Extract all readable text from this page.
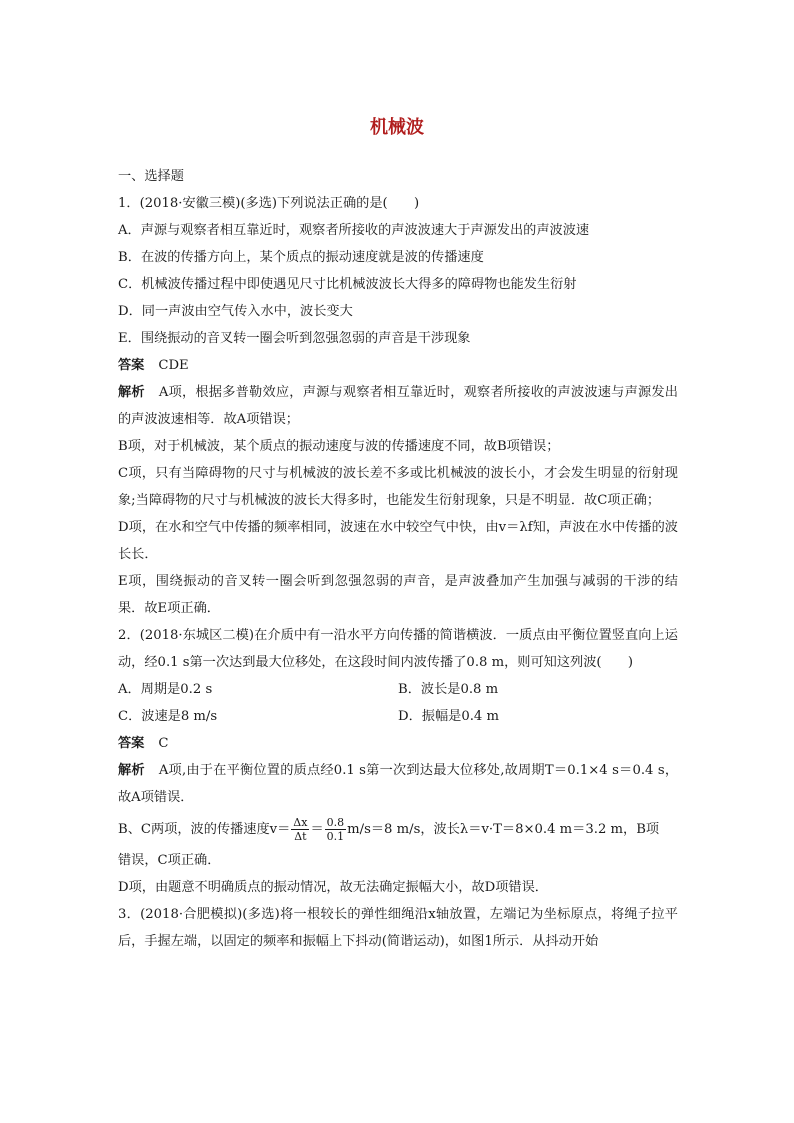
机械波
一、选择题
1．(2018·安徽三模)(多选)下列说法正确的是(　　)
A．声源与观察者相互靠近时，观察者所接收的声波波速大于声源发出的声波波速
B．在波的传播方向上，某个质点的振动速度就是波的传播速度
C．机械波传播过程中即使遇见尺寸比机械波波长大得多的障碍物也能发生衍射
D．同一声波由空气传入水中，波长变大
E．围绕振动的音叉转一圈会听到忽强忽弱的声音是干涉现象
答案 CDE
解析 A项，根据多普勒效应，声源与观察者相互靠近时，观察者所接收的声波波速与声源发出的声波波速相等．故A项错误；
B项，对于机械波，某个质点的振动速度与波的传播速度不同，故B项错误；
C项，只有当障碍物的尺寸与机械波的波长差不多或比机械波的波长小，才会发生明显的衍射现象;当障碍物的尺寸与机械波的波长大得多时，也能发生衍射现象，只是不明显．故C项正确；
D项，在水和空气中传播的频率相同，波速在水中较空气中快，由v＝λf知，声波在水中传播的波长长．
E项，围绕振动的音叉转一圈会听到忽强忽弱的声音，是声波叠加产生加强与减弱的干涉的结果．故E项正确．
2．(2018·东城区二模)在介质中有一沿水平方向传播的简谐横波．一质点由平衡位置竖直向上运动，经0.1 s第一次达到最大位移处，在这段时间内波传播了0.8 m，则可知这列波(　　)
A．周期是0.2 s	B．波长是0.8 m
C．波速是8 m/s	D．振幅是0.4 m
答案 C
解析 A项,由于在平衡位置的质点经0.1 s第一次到达最大位移处,故周期T＝0.1×4 s＝0.4 s，故A项错误．
B、C两项，波的传播速度$v= \frac{\Delta x}{\Delta t} = \frac{0.8}{0.1} m/s=8$ m/s，波长λ＝v·T＝8×0.4 m＝3.2 m，B项
错误，C项正确．
D项，由题意不明确质点的振动情况，故无法确定振幅大小，故D项错误．
3．(2018·合肥模拟)(多选)将一根较长的弹性细绳沿x轴放置，左端记为坐标原点，将绳子拉平后，手握左端，以固定的频率和振幅上下抖动(简谐运动)，如图1所示．从抖动开始
